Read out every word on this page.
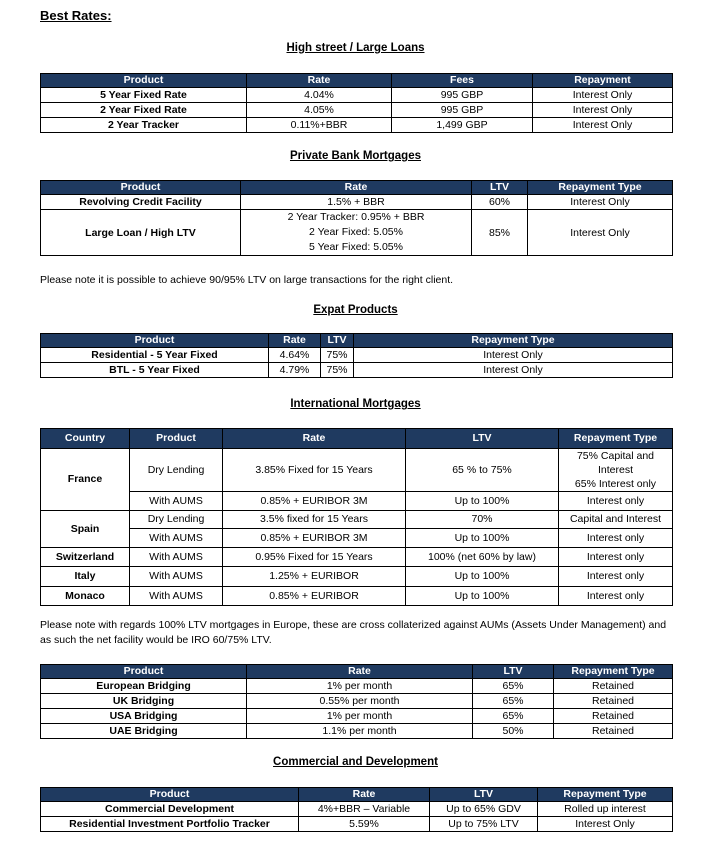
Best Rates:
High street / Large Loans
Product	Rate	Fees	Repayment
5 Year Fixed Rate	4.04%	995 GBP	Interest Only
2 Year Fixed Rate	4.05%	995 GBP	Interest Only
2 Year Tracker	0.11%+BBR	1,499 GBP	Interest Only
Private Bank Mortgages
Product	Rate	LTV	Repayment Type
Revolving Credit Facility	1.5% + BBR	60%	Interest Only
Large Loan / High LTV	2 Year Tracker: 0.95% + BBR
2 Year Fixed: 5.05%
5 Year Fixed: 5.05%	85%	Interest Only

Please note it is possible to achieve 90/95% LTV on large transactions for the right client.

Expat Products
Product	Rate	LTV	Repayment Type
Residential - 5 Year Fixed	4.64%	75%	Interest Only
BTL - 5 Year Fixed	4.79%	75%	Interest Only
International Mortgages
Country	Product	Rate	LTV	Repayment Type
France	Dry Lending	3.85% Fixed for 15 Years	65 % to 75%	75% Capital and Interest
65% Interest only

	With AUMS	0.85% + EURIBOR 3M	Up to 100%	Interest only
Spain	Dry Lending	3.5% fixed for 15 Years	70%	Capital and Interest
	With AUMS	0.85% + EURIBOR 3M	Up to 100%	Interest only
Switzerland	With AUMS	0.95% Fixed for 15 Years	100% (net 60% by law)	Interest only
Italy	With AUMS	1.25% + EURIBOR	Up to 100%	Interest only
Monaco	With AUMS	0.85% + EURIBOR	Up to 100%	Interest only

Please note with regards 100% LTV mortgages in Europe, these are cross collaterized against AUMs (Assets Under Management) and as such the net facility would be IRO 60/75% LTV.

Product	Rate	LTV	Repayment Type
European Bridging	1% per month	65%	Retained
UK Bridging	0.55% per month	65%	Retained
USA Bridging	1% per month	65%	Retained
UAE Bridging	1.1% per month	50%	Retained
Commercial and Development
Product	Rate	LTV	Repayment Type
Commercial Development	4%+BBR – Variable	Up to 65% GDV	Rolled up interest
Residential Investment Portfolio Tracker	5.59%	Up to 75% LTV	Interest Only
